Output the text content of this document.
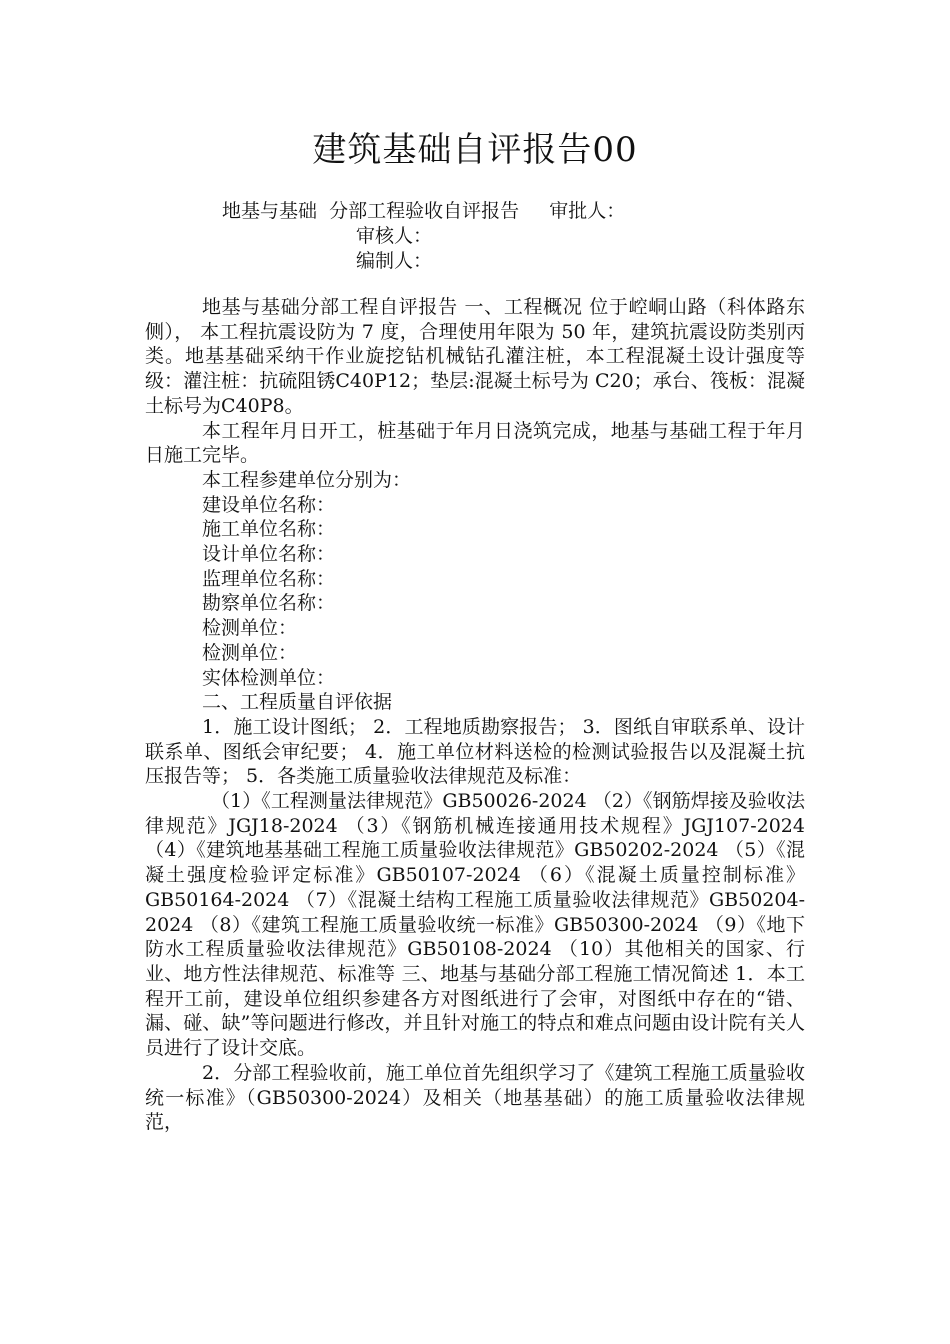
建筑基础自评报告00
地基与基础  分部工程验收自评报告     审批人：
审核人：
编制人：

地基与基础分部工程自评报告 一、工程概况 位于崆峒山路（科体路东侧）， 本工程抗震设防为 7 度，合理使用年限为 50 年，建筑抗震设防类别丙类。地基基础采纳干作业旋挖钻机械钻孔灌注桩，本工程混凝土设计强度等级：灌注桩：抗硫阻锈C40P12；垫层:混凝土标号为 C20；承台、筏板：混凝土标号为C40P8。

本工程年月日开工，桩基础于年月日浇筑完成，地基与基础工程于年月日施工完毕。

本工程参建单位分别为：

建设单位名称：

施工单位名称：

设计单位名称：

监理单位名称：

勘察单位名称：

检测单位：

检测单位：

实体检测单位：

二、工程质量自评依据

1．施工设计图纸； 2．工程地质勘察报告； 3．图纸自审联系单、设计联系单、图纸会审纪要； 4．施工单位材料送检的检测试验报告以及混凝土抗压报告等； 5．各类施工质量验收法律规范及标准：

（1）《工程测量法律规范》GB50026-2024 （2）《钢筋焊接及验收法律规范》JGJ18-2024 （3）《钢筋机械连接通用技术规程》JGJ107-2024 （4）《建筑地基基础工程施工质量验收法律规范》GB50202-2024 （5）《混凝土强度检验评定标准》GB50107-2024 （6）《混凝土质量控制标准》GB50164-2024 （7）《混凝土结构工程施工质量验收法律规范》GB50204-2024 （8）《建筑工程施工质量验收统一标准》GB50300-2024 （9）《地下防水工程质量验收法律规范》GB50108-2024 （10）其他相关的国家、行业、地方性法律规范、标准等 三、地基与基础分部工程施工情况简述 1．本工程开工前，建设单位组织参建各方对图纸进行了会审，对图纸中存在的“错、漏、碰、缺”等问题进行修改，并且针对施工的特点和难点问题由设计院有关人员进行了设计交底。

2．分部工程验收前，施工单位首先组织学习了《建筑工程施工质量验收统一标准》（GB50300-2024）及相关（地基基础）的施工质量验收法律规范，
